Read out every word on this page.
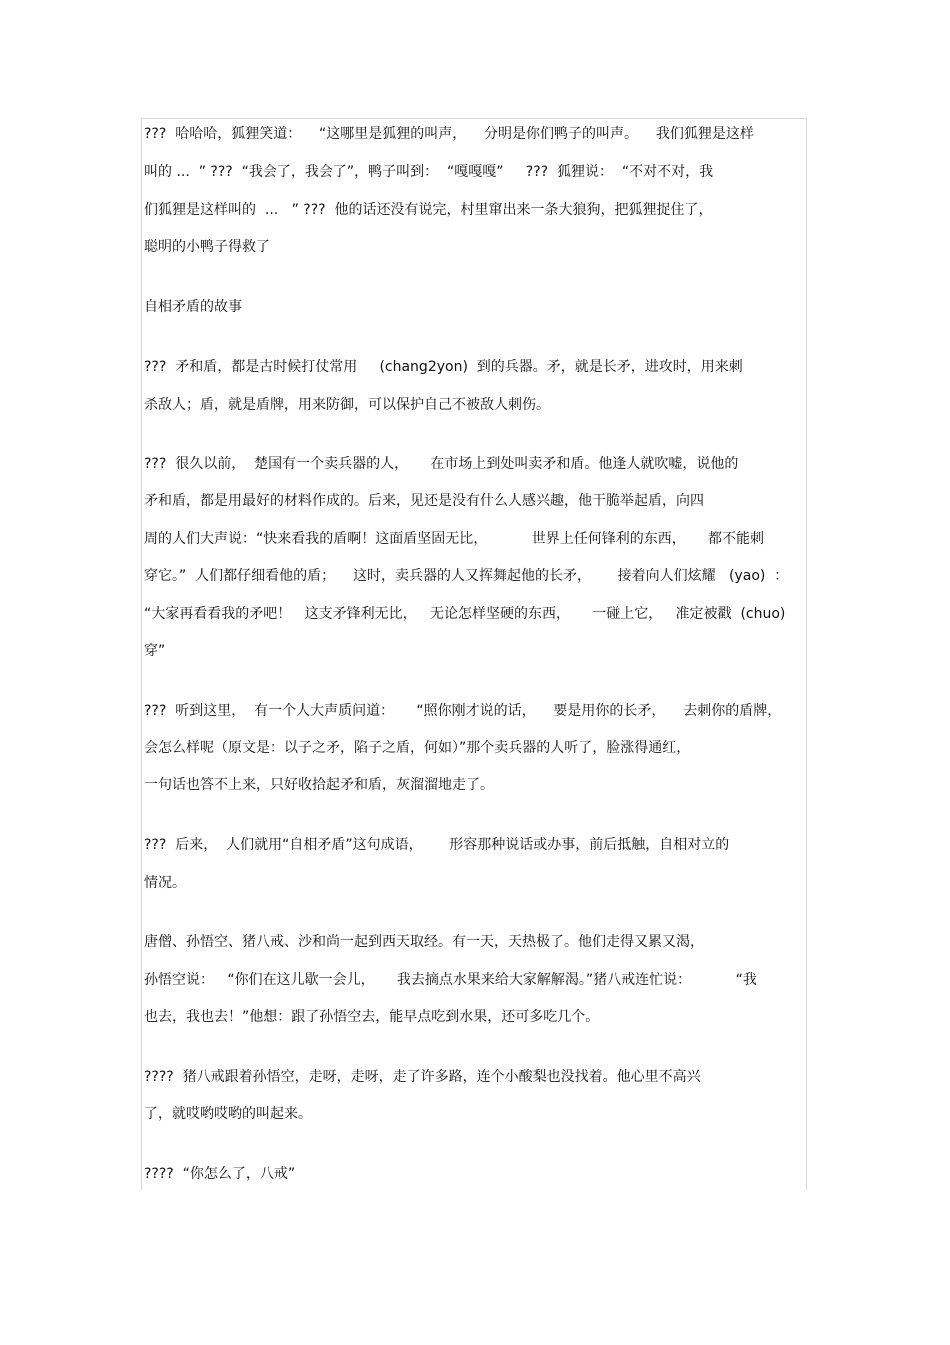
???  哈哈哈，狐狸笑道：    “这哪里是狐狸的叫声，    分明是你们鸭子的叫声。    我们狐狸是这样
叫的 ...  ” ???  “我会了，我会了”，鸭子叫到：  “嘎嘎嘎”     ???  狐狸说：  “不对不对，我
们狐狸是这样叫的  ...   ” ???  他的话还没有说完，村里窜出来一条大狼狗，把狐狸捉住了，
聪明的小鸭子得救了
自相矛盾的故事
???  矛和盾，都是古时候打仗常用     (chang2yon)  到的兵器。矛，就是长矛，进攻时，用来刺
杀敌人；盾，就是盾牌，用来防御，可以保护自己不被敌人刺伤。
???  很久以前，  楚国有一个卖兵器的人，     在市场上到处叫卖矛和盾。他逢人就吹嘘，说他的
矛和盾，都是用最好的材料作成的。后来，见还是没有什么人感兴趣，他干脆举起盾，向四
周的人们大声说：“快来看我的盾啊！这面盾坚固无比，          世界上任何锋利的东西，     都不能刺
穿它。”  人们都仔细看他的盾；    这时，卖兵器的人又挥舞起他的长矛，      接着向人们炫耀   (yao)  ：
“大家再看看我的矛吧！   这支矛锋利无比，   无论怎样坚硬的东西，     一碰上它，   准定被戳  (chuo)
穿”
???  听到这里，  有一个人大声质问道：     “照你刚才说的话，    要是用你的长矛，    去刺你的盾牌，
会怎么样呢（原文是：以子之矛，陷子之盾，何如）”那个卖兵器的人听了，脸涨得通红，
一句话也答不上来，只好收拾起矛和盾，灰溜溜地走了。
???  后来，  人们就用“自相矛盾”这句成语，      形容那种说话或办事，前后抵触，自相对立的
情况。
唐僧、孙悟空、猪八戒、沙和尚一起到西天取经。有一天，天热极了。他们走得又累又渴，
孙悟空说：   “你们在这儿歇一会儿，     我去摘点水果来给大家解解渴。”猪八戒连忙说：          “我
也去，我也去！”他想：跟了孙悟空去，能早点吃到水果，还可多吃几个。
????  猪八戒跟着孙悟空，走呀，走呀，走了许多路，连个小酸梨也没找着。他心里不高兴
了，就哎哟哎哟的叫起来。
????  “你怎么了，八戒”
